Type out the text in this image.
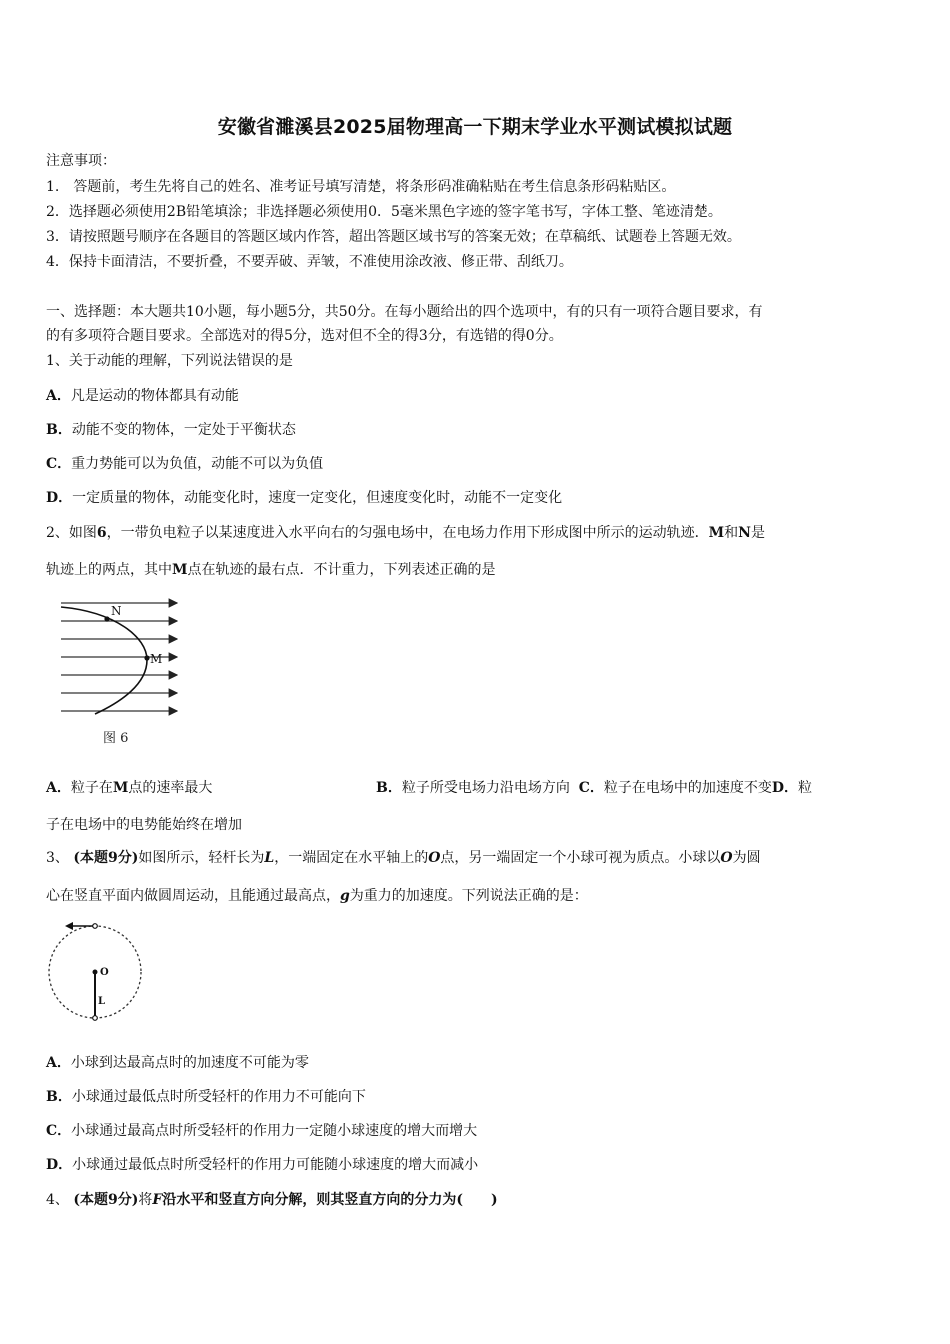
安徽省濉溪县2025届物理高一下期末学业水平测试模拟试题
注意事项：
1.　答题前，考生先将自己的姓名、准考证号填写清楚，将条形码准确粘贴在考生信息条形码粘贴区。
2．选择题必须使用2B铅笔填涂；非选择题必须使用0．5毫米黑色字迹的签字笔书写，字体工整、笔迹清楚。
3．请按照题号顺序在各题目的答题区域内作答，超出答题区域书写的答案无效；在草稿纸、试题卷上答题无效。
4．保持卡面清洁，不要折叠，不要弄破、弄皱，不准使用涂改液、修正带、刮纸刀。
一、选择题：本大题共10小题，每小题5分，共50分。在每小题给出的四个选项中，有的只有一项符合题目要求，有
的有多项符合题目要求。全部选对的得5分，选对但不全的得3分，有选错的得0分。
1、关于动能的理解，下列说法错误的是
A．凡是运动的物体都具有动能
B．动能不变的物体，一定处于平衡状态
C．重力势能可以为负值，动能不可以为负值
D．一定质量的物体，动能变化时，速度一定变化，但速度变化时，动能不一定变化
2、如图6，一带负电粒子以某速度进入水平向右的匀强电场中，在电场力作用下形成图中所示的运动轨迹．M和N是
轨迹上的两点，其中M点在轨迹的最右点．不计重力，下列表述正确的是
N
M
图 6
A．粒子在M点的速率最大	B．粒子所受电场力沿电场方向 C．粒子在电场中的加速度不变D．粒
子在电场中的电势能始终在增加
3、 (本题9分)如图所示，轻杆长为L，一端固定在水平轴上的O点，另一端固定一个小球可视为质点。小球以O为圆
心在竖直平面内做圆周运动，且能通过最高点，g为重力的加速度。下列说法正确的是：
O
L
A．小球到达最高点时的加速度不可能为零
B．小球通过最低点时所受轻杆的作用力不可能向下
C．小球通过最高点时所受轻杆的作用力一定随小球速度的增大而增大
D．小球通过最低点时所受轻杆的作用力可能随小球速度的增大而减小
4、 (本题9分)将F沿水平和竖直方向分解，则其竖直方向的分力为(　　)
